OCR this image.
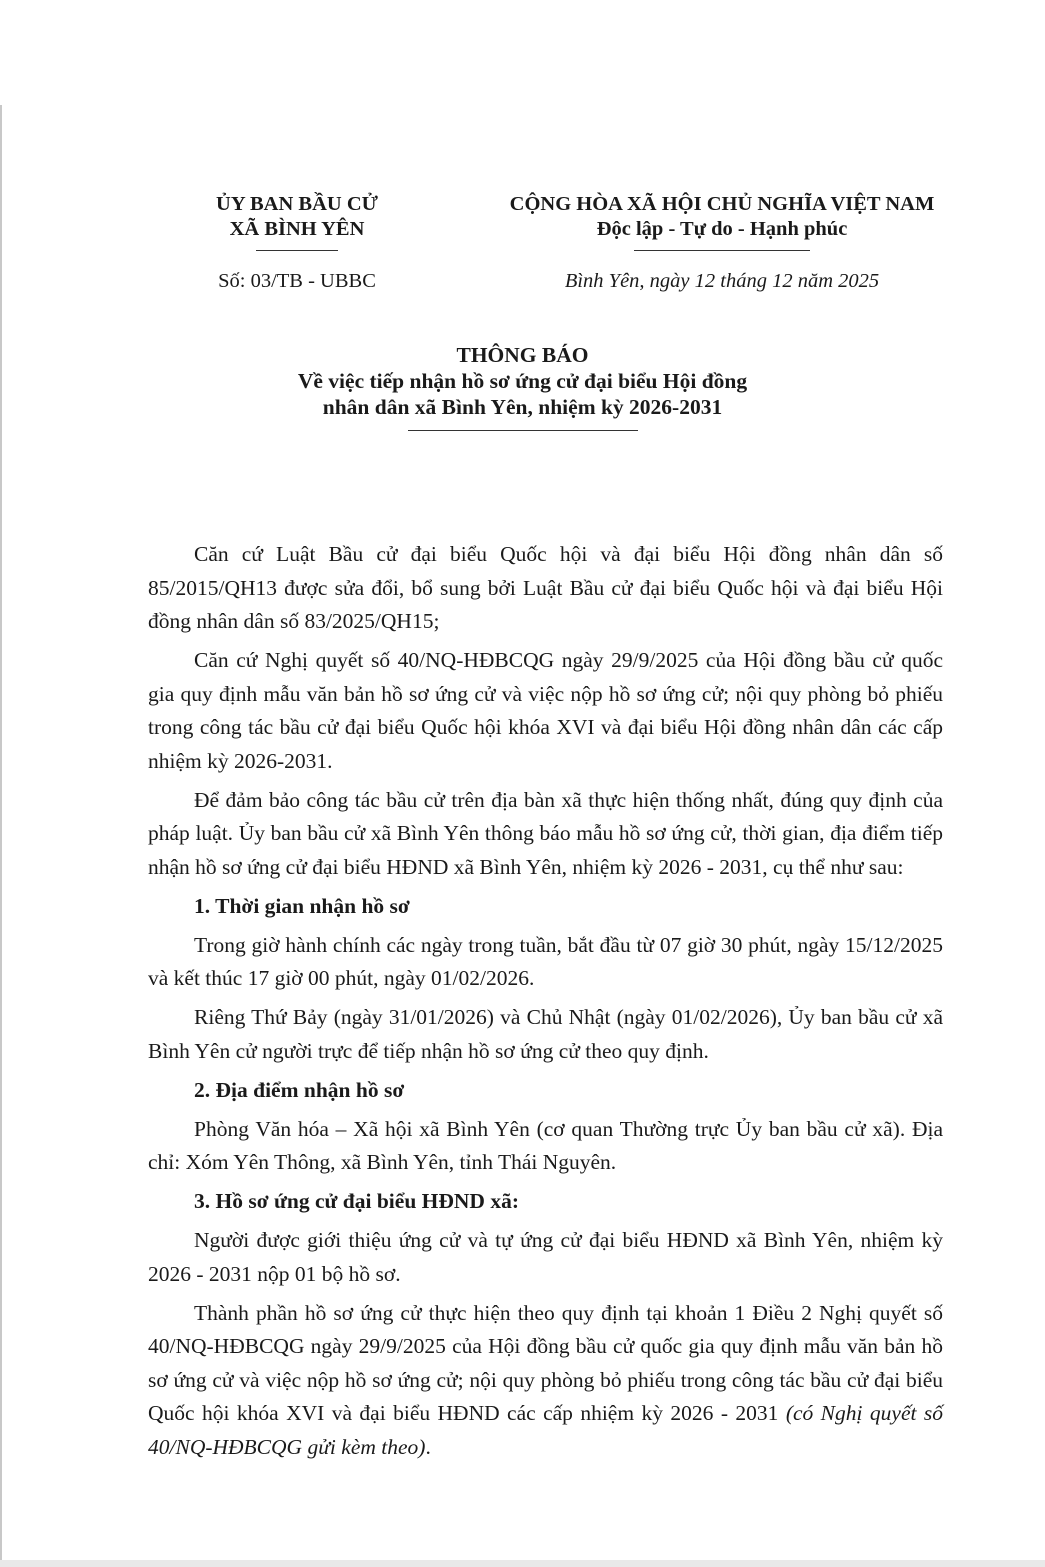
ỦY BAN BẦU CỬ
XÃ BÌNH YÊN
CỘNG HÒA XÃ HỘI CHỦ NGHĨA VIỆT NAM
Độc lập - Tự do - Hạnh phúc
Số: 03/TB - UBBC	Bình Yên, ngày 12 tháng 12 năm 2025
THÔNG BÁO
Về việc tiếp nhận hồ sơ ứng cử đại biểu Hội đồng
nhân dân xã Bình Yên, nhiệm kỳ 2026-2031

Căn cứ Luật Bầu cử đại biểu Quốc hội và đại biểu Hội đồng nhân dân số 85/2015/QH13 được sửa đổi, bổ sung bởi Luật Bầu cử đại biểu Quốc hội và đại biểu Hội đồng nhân dân số 83/2025/QH15;

Căn cứ Nghị quyết số 40/NQ-HĐBCQG ngày 29/9/2025 của Hội đồng bầu cử quốc gia quy định mẫu văn bản hồ sơ ứng cử và việc nộp hồ sơ ứng cử; nội quy phòng bỏ phiếu trong công tác bầu cử đại biểu Quốc hội khóa XVI và đại biểu Hội đồng nhân dân các cấp nhiệm kỳ 2026-2031.

Để đảm bảo công tác bầu cử trên địa bàn xã thực hiện thống nhất, đúng quy định của pháp luật. Ủy ban bầu cử xã Bình Yên thông báo mẫu hồ sơ ứng cử, thời gian, địa điểm tiếp nhận hồ sơ ứng cử đại biểu HĐND xã Bình Yên, nhiệm kỳ 2026 - 2031, cụ thể như sau:

1. Thời gian nhận hồ sơ

Trong giờ hành chính các ngày trong tuần, bắt đầu từ 07 giờ 30 phút, ngày 15/12/2025 và kết thúc 17 giờ 00 phút, ngày 01/02/2026.

Riêng Thứ Bảy (ngày 31/01/2026) và Chủ Nhật (ngày 01/02/2026), Ủy ban bầu cử xã Bình Yên cử người trực để tiếp nhận hồ sơ ứng cử theo quy định.

2. Địa điểm nhận hồ sơ

Phòng Văn hóa – Xã hội xã Bình Yên (cơ quan Thường trực Ủy ban bầu cử xã). Địa chỉ: Xóm Yên Thông, xã Bình Yên, tỉnh Thái Nguyên.

3. Hồ sơ ứng cử đại biểu HĐND xã:

Người được giới thiệu ứng cử và tự ứng cử đại biểu HĐND xã Bình Yên, nhiệm kỳ 2026 - 2031 nộp 01 bộ hồ sơ.

Thành phần hồ sơ ứng cử thực hiện theo quy định tại khoản 1 Điều 2 Nghị quyết số 40/NQ-HĐBCQG ngày 29/9/2025 của Hội đồng bầu cử quốc gia quy định mẫu văn bản hồ sơ ứng cử và việc nộp hồ sơ ứng cử; nội quy phòng bỏ phiếu trong công tác bầu cử đại biểu Quốc hội khóa XVI và đại biểu HĐND các cấp nhiệm kỳ 2026 - 2031 (có Nghị quyết số 40/NQ-HĐBCQG gửi kèm theo).
